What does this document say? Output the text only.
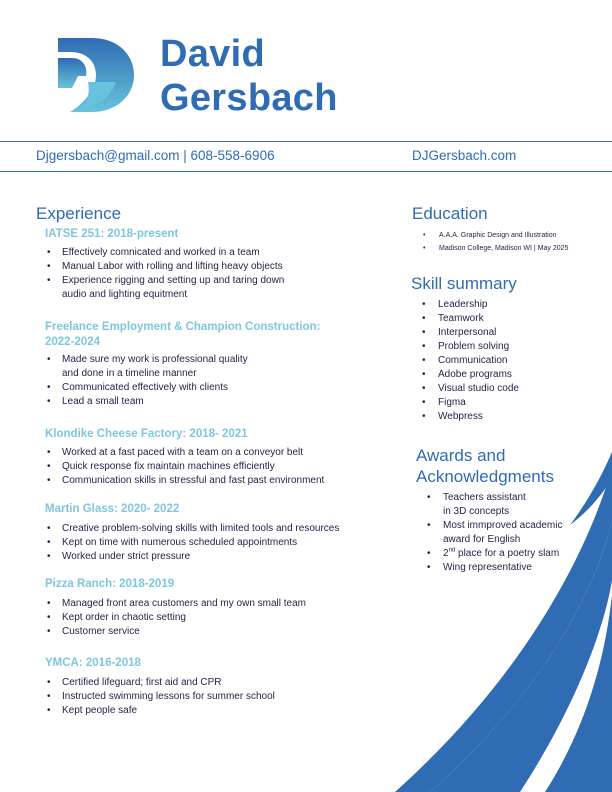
David
Gersbach
Djgersbach@gmail.com | 608-558-6906	DJGersbach.com
Experience
IATSE 251: 2018-present
• Effectively comnicated and worked in a team
• Manual Labor with rolling and lifting heavy objects
• Experience rigging and setting up and taring down
audio and lighting equitment
Freelance Employment & Champion Construction:
2022-2024
• Made sure my work is professional quality
and done in a timeline manner
• Communicated effectively with clients
• Lead a small team
Klondike Cheese Factory: 2018- 2021
• Worked at a fast paced with a team on a conveyor belt
• Quick response fix maintain machines efficiently
• Communication skills in stressful and fast past environment
Martin Glass: 2020- 2022
• Creative problem-solving skills with limited tools and resources
• Kept on time with numerous scheduled appointments
• Worked under strict pressure
Pizza Ranch: 2018-2019
• Managed front area customers and my own small team
• Kept order in chaotic setting
• Customer service
YMCA: 2016-2018
• Certified lifeguard; first aid and CPR
• Instructed swimming lessons for summer school
• Kept people safe
Education
• A.A.A. Graphic Design and Illustration
• Madison College, Madison WI | May 2025
Skill summary
• Leadership
• Teamwork
• Interpersonal
• Problem solving
• Communication
• Adobe programs
• Visual studio code
• Figma
• Webpress
Awards and
Acknowledgments
• Teachers assistant
in 3D concepts
• Most immproved academic
award for English
• 2nd place for a poetry slam
• Wing representative
